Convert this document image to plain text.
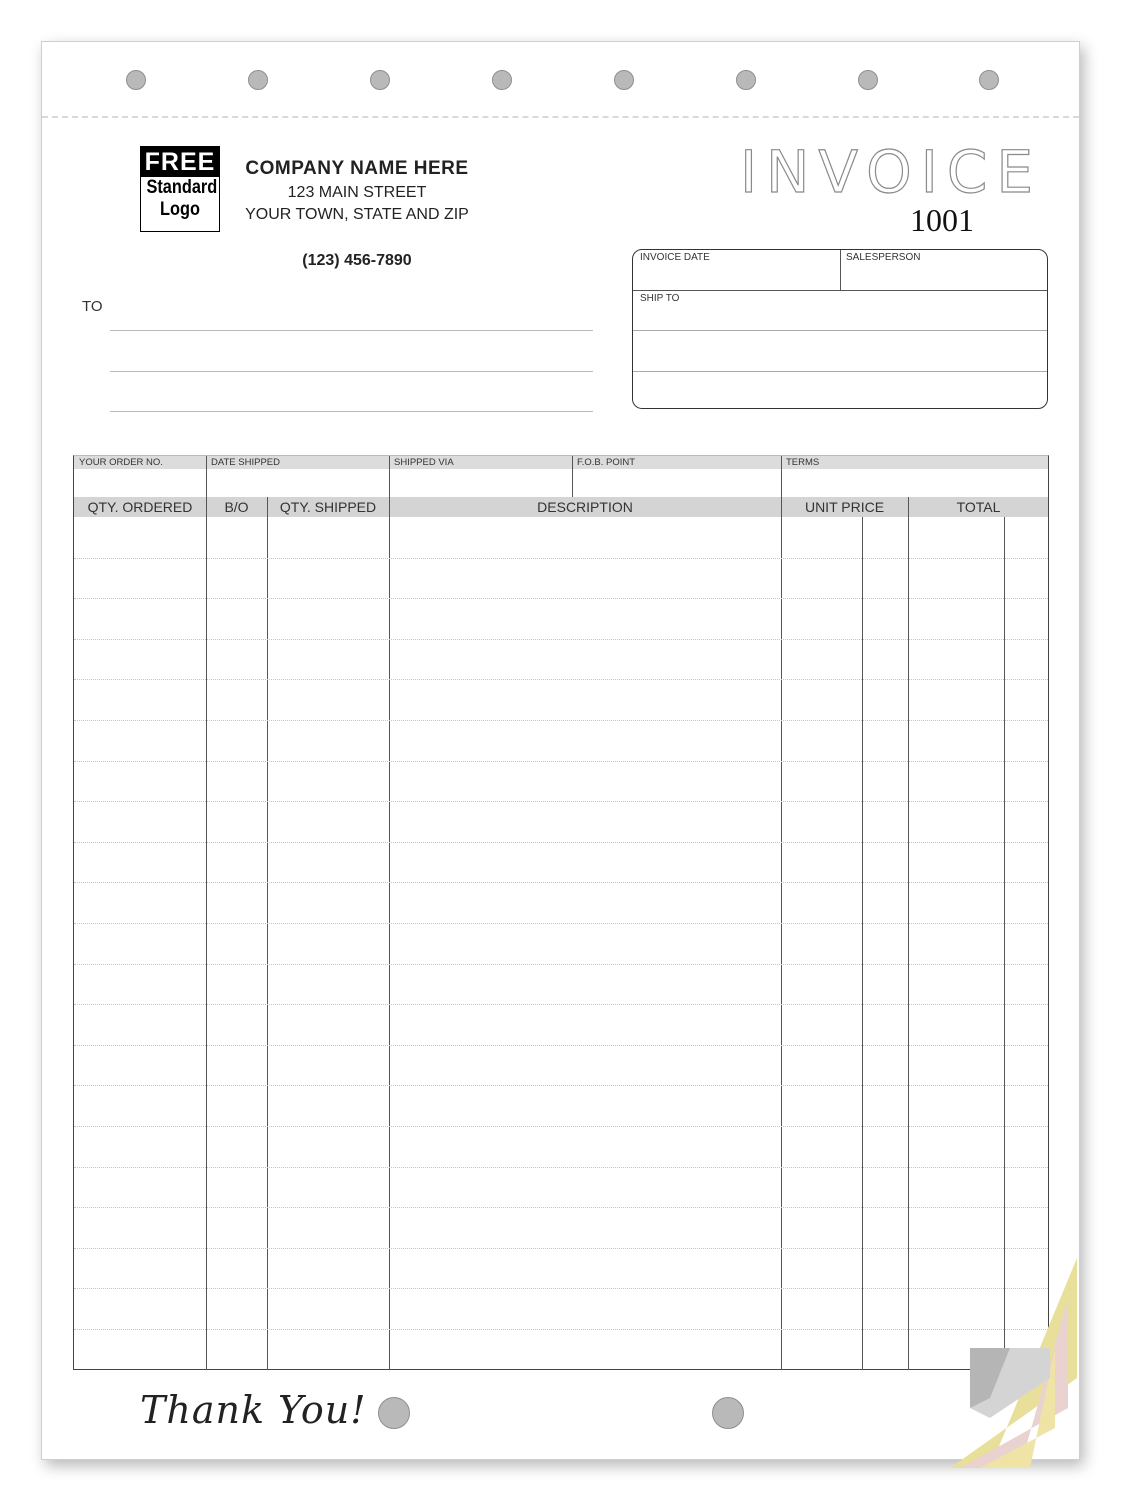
FREE
Standard
Logo
COMPANY NAME HERE
123 MAIN STREET
YOUR TOWN, STATE AND ZIP
(123) 456-7890
TO
INVOICE
1001
INVOICE DATE	SALESPERSON
SHIP TO
YOUR ORDER NO.	DATE SHIPPED	SHIPPED VIA	F.O.B. POINT	TERMS
QTY. ORDERED	B/O	QTY. SHIPPED	DESCRIPTION	UNIT PRICE	TOTAL
Thank You!
